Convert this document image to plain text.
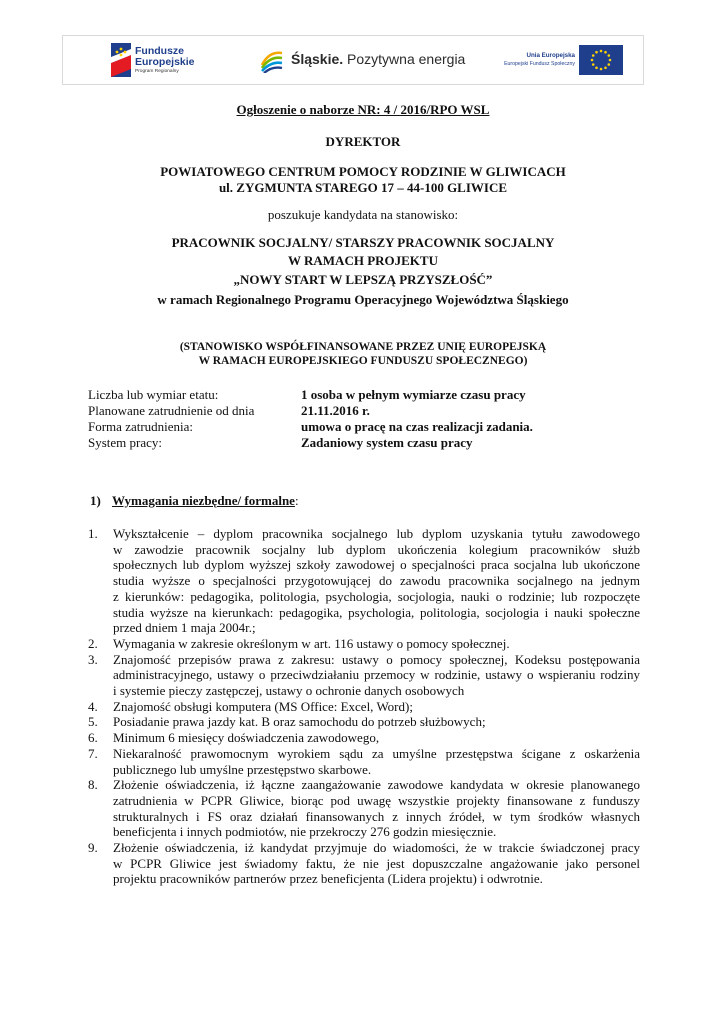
Fundusze
Europejskie
Program Regionalny
Śląskie. Pozytywna energia	Unia Europejska
Europejski Fundusz Społeczny
Ogłoszenie o naborze NR: 4 / 2016/RPO WSL
DYREKTOR
POWIATOWEGO CENTRUM POMOCY RODZINIE W GLIWICACH
ul. ZYGMUNTA STAREGO 17 – 44-100 GLIWICE
poszukuje kandydata na stanowisko:
PRACOWNIK SOCJALNY/ STARSZY PRACOWNIK SOCJALNY
W RAMACH PROJEKTU
„NOWY START W LEPSZĄ PRZYSZŁOŚĆ”
w ramach Regionalnego Programu Operacyjnego Województwa Śląskiego
(STANOWISKO WSPÓŁFINANSOWANE PRZEZ UNIĘ EUROPEJSKĄ
W RAMACH EUROPEJSKIEGO FUNDUSZU SPOŁECZNEGO)
Liczba lub wymiar etatu:	1 osoba w pełnym wymiarze czasu pracy
Planowane zatrudnienie od dnia	21.11.2016 r.
Forma zatrudnienia:	umowa o pracę na czas realizacji zadania.
System pracy:	Zadaniowy system czasu pracy
1) Wymagania niezbędne/ formalne:
1.	Wykształcenie – dyplom pracownika socjalnego lub dyplom uzyskania tytułu zawodowego
w zawodzie pracownik socjalny lub dyplom ukończenia kolegium pracowników służb
społecznych lub dyplom wyższej szkoły zawodowej o specjalności praca socjalna lub ukończone
studia wyższe o specjalności przygotowującej do zawodu pracownika socjalnego na jednym
z kierunków: pedagogika, politologia, psychologia, socjologia, nauki o rodzinie; lub rozpoczęte
studia wyższe na kierunkach: pedagogika, psychologia, politologia, socjologia i nauki społeczne
przed dniem 1 maja 2004r.;
2.	Wymagania w zakresie określonym w art. 116 ustawy o pomocy społecznej.
3.	Znajomość przepisów prawa z zakresu: ustawy o pomocy społecznej, Kodeksu postępowania
administracyjnego, ustawy o przeciwdziałaniu przemocy w rodzinie, ustawy o wspieraniu rodziny
i systemie pieczy zastępczej, ustawy o ochronie danych osobowych
4.	Znajomość obsługi komputera (MS Office: Excel, Word);
5.	Posiadanie prawa jazdy kat. B oraz samochodu do potrzeb służbowych;
6.	Minimum 6 miesięcy doświadczenia zawodowego,
7.	Niekaralność prawomocnym wyrokiem sądu za umyślne przestępstwa ścigane z oskarżenia
publicznego lub umyślne przestępstwo skarbowe.
8.	Złożenie oświadczenia, iż łączne zaangażowanie zawodowe kandydata w okresie planowanego
zatrudnienia w PCPR Gliwice, biorąc pod uwagę wszystkie projekty finansowane z funduszy
strukturalnych i FS oraz działań finansowanych z innych źródeł, w tym środków własnych
beneficjenta i innych podmiotów, nie przekroczy 276 godzin miesięcznie.
9.	Złożenie oświadczenia, iż kandydat przyjmuje do wiadomości, że w trakcie świadczonej pracy
w PCPR Gliwice jest świadomy faktu, że nie jest dopuszczalne angażowanie jako personel
projektu pracowników partnerów przez beneficjenta (Lidera projektu) i odwrotnie.
